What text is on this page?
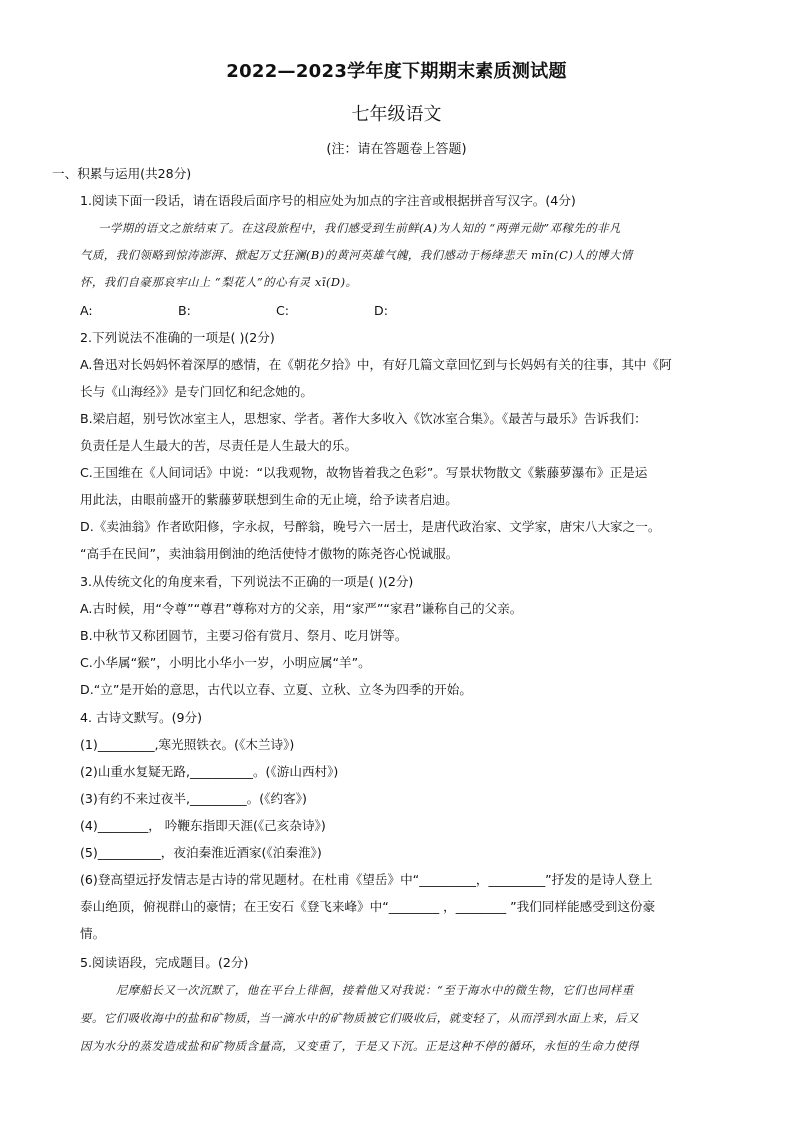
2022—2023学年度下期期末素质测试题
七年级语文
(注：请在答题卷上答题)
一、积累与运用(共28分)
1.阅读下面一段话，请在语段后面序号的相应处为加点的字注音或根据拼音写汉字。(4分)
一学期的语文之旅结束了。在这段旅程中，我们感受到生前鲜(A)为人知的 “两弹元勋”邓稼先的非凡
气质，我们领略到惊涛澎湃、掀起万丈狂澜(B)的黄河英雄气魄，我们感动于杨绛悲天 mǐn(C)人的博大情
怀，我们自豪那哀牢山上 “梨花人”的心有灵 xī(D)。
A:	B:	C:	D:
2.下列说法不准确的一项是( )(2分)
A.鲁迅对长妈妈怀着深厚的感情，在《朝花夕拾》中，有好几篇文章回忆到与长妈妈有关的往事，其中《阿
长与《山海经》》是专门回忆和纪念她的。
B.梁启超，别号饮冰室主人，思想家、学者。著作大多收入《饮冰室合集》。《最苦与最乐》告诉我们：
负责任是人生最大的苦，尽责任是人生最大的乐。
C.王国维在《人间词话》中说：“以我观物，故物皆着我之色彩”。写景状物散文《紫藤萝瀑布》正是运
用此法，由眼前盛开的紫藤萝联想到生命的无止境，给予读者启迪。
D.《卖油翁》作者欧阳修，字永叔，号醉翁，晚号六一居士，是唐代政治家、文学家，唐宋八大家之一。
“高手在民间”，卖油翁用倒油的绝活使恃才傲物的陈尧咨心悦诚服。
3.从传统文化的角度来看，下列说法不正确的一项是( )(2分)
A.古时候，用“令尊”“尊君”尊称对方的父亲，用“家严”“家君”谦称自己的父亲。
B.中秋节又称团圆节，主要习俗有赏月、祭月、吃月饼等。
C.小华属“猴”，小明比小华小一岁，小明应属“羊”。
D.“立”是开始的意思，古代以立春、立夏、立秋、立冬为四季的开始。
4. 古诗文默写。(9分)
(1)_________,寒光照铁衣。(《木兰诗》)
(2)山重水复疑无路,__________。(《游山西村》)
(3)有约不来过夜半,_________。(《约客》)
(4)________， 吟鞭东指即天涯(《己亥杂诗》)
(5)__________，夜泊秦淮近酒家(《泊秦淮》)
(6)登高望远抒发情志是古诗的常见题材。在杜甫《望岳》中“_________，_________”抒发的是诗人登上
泰山绝顶，俯视群山的豪情；在王安石《登飞来峰》中“________ ，________ ”我们同样能感受到这份豪
情。
5.阅读语段，完成题目。(2分)
尼摩船长又一次沉默了，他在平台上徘徊，接着他又对我说：“至于海水中的微生物，它们也同样重
要。它们吸收海中的盐和矿物质，当一滴水中的矿物质被它们吸收后，就变轻了，从而浮到水面上来，后又
因为水分的蒸发造成盐和矿物质含量高，又变重了，于是又下沉。正是这种不停的循环，永恒的生命力使得
